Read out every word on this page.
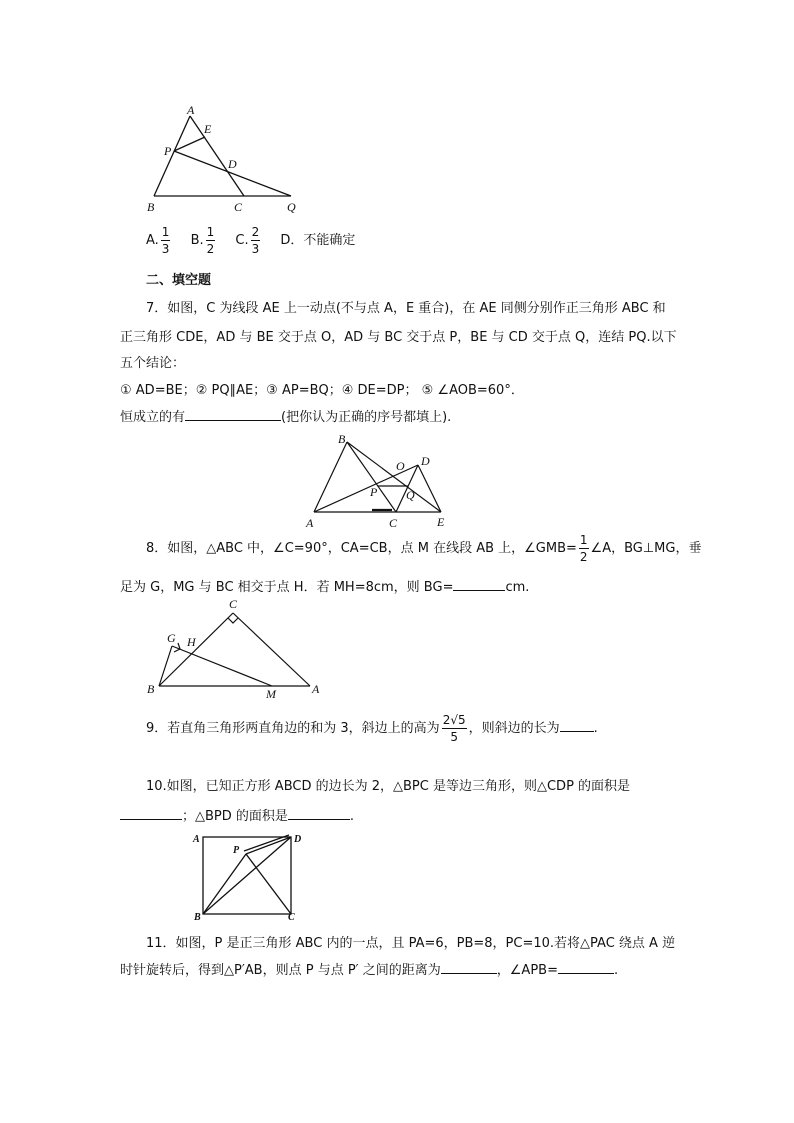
A
E
P
D
B	C	Q
A. $\frac{1}{3} B$. $\frac{1}{2} C$. $\frac{2}{3}$ D．不能确定
二、填空题
7．如图，C 为线段 AE 上一动点(不与点 A，E 重合)，在 AE 同侧分别作正三角形 ABC 和
正三角形 CDE，AD 与 BE 交于点 O，AD 与 BC 交于点 P，BE 与 CD 交于点 Q，连结 PQ.以下
五个结论：
① AD=BE；② PQ∥AE；③ AP=BQ；④ DE=DP； ⑤ ∠AOB=60°．
恒成立的有	(把你认为正确的序号都填上).
B
O D
P Q
A	C	E
8．如图，△ABC 中，∠C=90°，CA=CB，点 M 在线段 AB 上，∠GMB= $\frac{1}{2}$ ∠A，BG⊥MG，垂
足为 G，MG 与 BC 相交于点 H．若 MH=8cm，则 BG=	cm.
C
G H
B	M	A
9．若直角三角形两直角边的和为 3，斜边上的高为 $\frac{2√5}{5}$ ，则斜边的长为	.
10.如图，已知正方形 ABCD 的边长为 2，△BPC 是等边三角形，则△CDP 的面积是
；△BPD 的面积是	.
A	D
P
B	C
11．如图，P 是正三角形 ABC 内的一点，且 PA=6，PB=8，PC=10.若将△PAC 绕点 A 逆
时针旋转后，得到△P′AB，则点 P 与点 P′ 之间的距离为	，∠APB=	.
